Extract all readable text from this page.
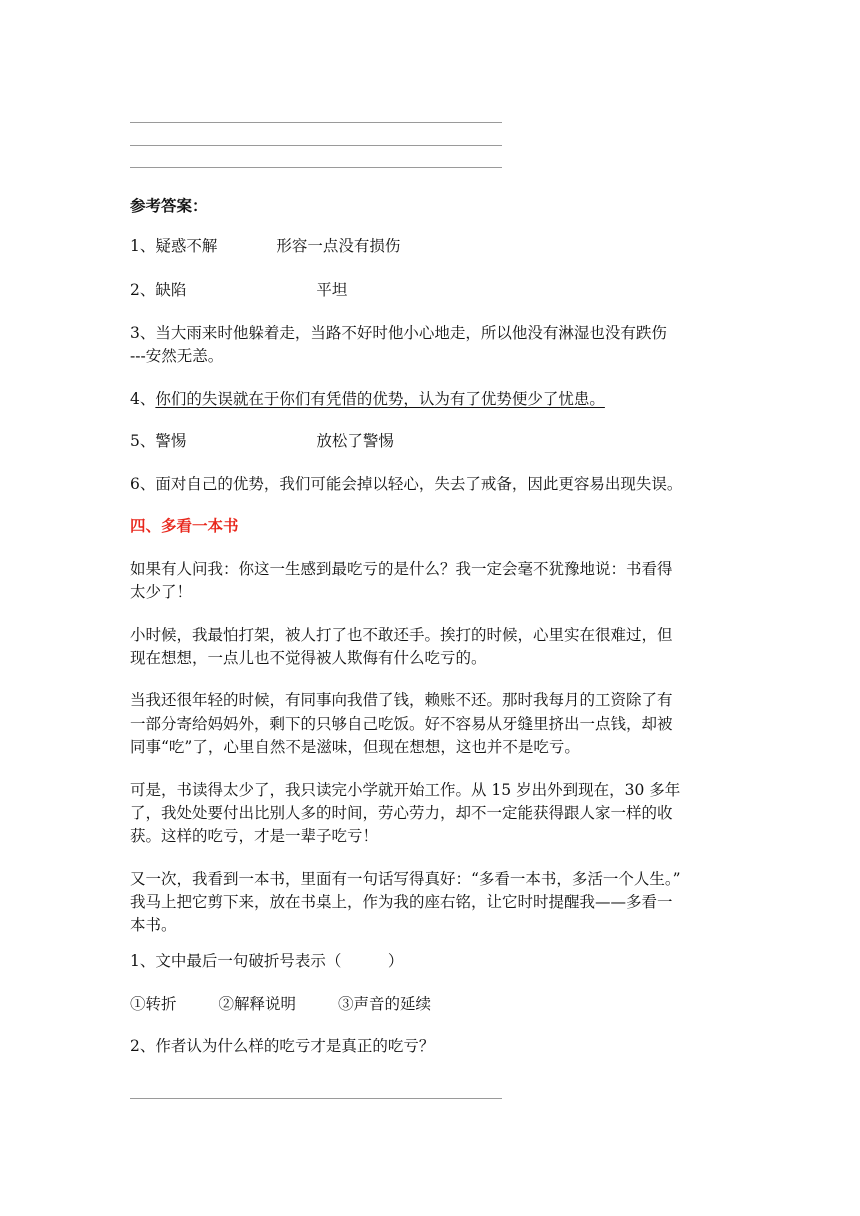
参考答案：
1、疑惑不解	形容一点没有损伤
2、缺陷	平坦
3、当大雨来时他躲着走，当路不好时他小心地走，所以他没有淋湿也没有跌伤
---安然无恙。
4、你们的失误就在于你们有凭借的优势，认为有了优势便少了忧患。
5、警惕	放松了警惕
6、面对自己的优势，我们可能会掉以轻心，失去了戒备，因此更容易出现失误。
四、多看一本书
如果有人问我：你这一生感到最吃亏的是什么？我一定会毫不犹豫地说：书看得
太少了！
小时候，我最怕打架，被人打了也不敢还手。挨打的时候，心里实在很难过，但
现在想想，一点儿也不觉得被人欺侮有什么吃亏的。
当我还很年轻的时候，有同事向我借了钱，赖账不还。那时我每月的工资除了有
一部分寄给妈妈外，剩下的只够自己吃饭。好不容易从牙缝里挤出一点钱，却被
同事“吃”了，心里自然不是滋味，但现在想想，这也并不是吃亏。
可是，书读得太少了，我只读完小学就开始工作。从 15 岁出外到现在，30 多年
了，我处处要付出比别人多的时间，劳心劳力，却不一定能获得跟人家一样的收
获。这样的吃亏，才是一辈子吃亏！
又一次，我看到一本书，里面有一句话写得真好：“多看一本书，多活一个人生。”
我马上把它剪下来，放在书桌上，作为我的座右铭，让它时时提醒我——多看一
本书。
1、文中最后一句破折号表示（　　　）
①转折	②解释说明	③声音的延续
2、作者认为什么样的吃亏才是真正的吃亏？
